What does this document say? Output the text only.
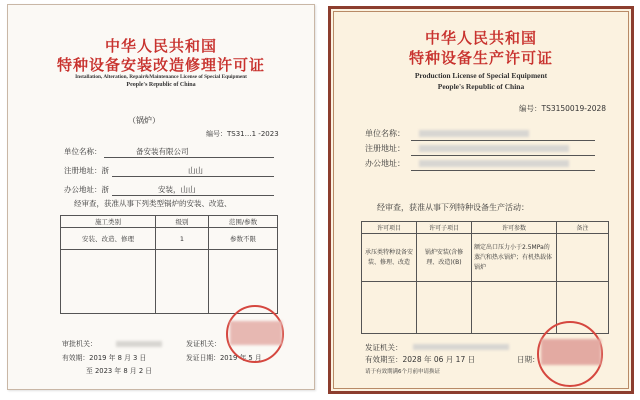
中华人民共和国
特种设备安装改造修理许可证
Installation, Alteration, Repair&Maintenance License of Special Equipment
People's Republic of China
（锅炉）
编号：TS31…1 -2023
单位名称：	备安装有限公司
注册地址：浙	山山
办公地址：浙	安装，山山
经审查，获准从事下列类型锅炉的安装、改造、
施工类别	级别	范围/参数
安装、改造、修理	1	参数不限

审批机关：	发证机关：
有效期：2019 年 8 月 3 日	发证日期：2019 年 5 月
至 2023 年 8 月 2 日
中华人民共和国
特种设备生产许可证
Production License of Special Equipment
People's Republic of China
编号：TS3150019-2028
单位名称：
注册地址：
办公地址：
经审查，获准从事下列特种设备生产活动：
许可项目	许可子项目	许可参数	备注
承压类特种设备安装、修理、改造	锅炉安装(含修理、改造)(B)	额定出口压力小于2.5MPa的蒸汽和热水锅炉；有机热载体锅炉	

发证机关：
有效期至：2028 年 06 月 17 日	日期：
请于有效期满6个月前申请换证
